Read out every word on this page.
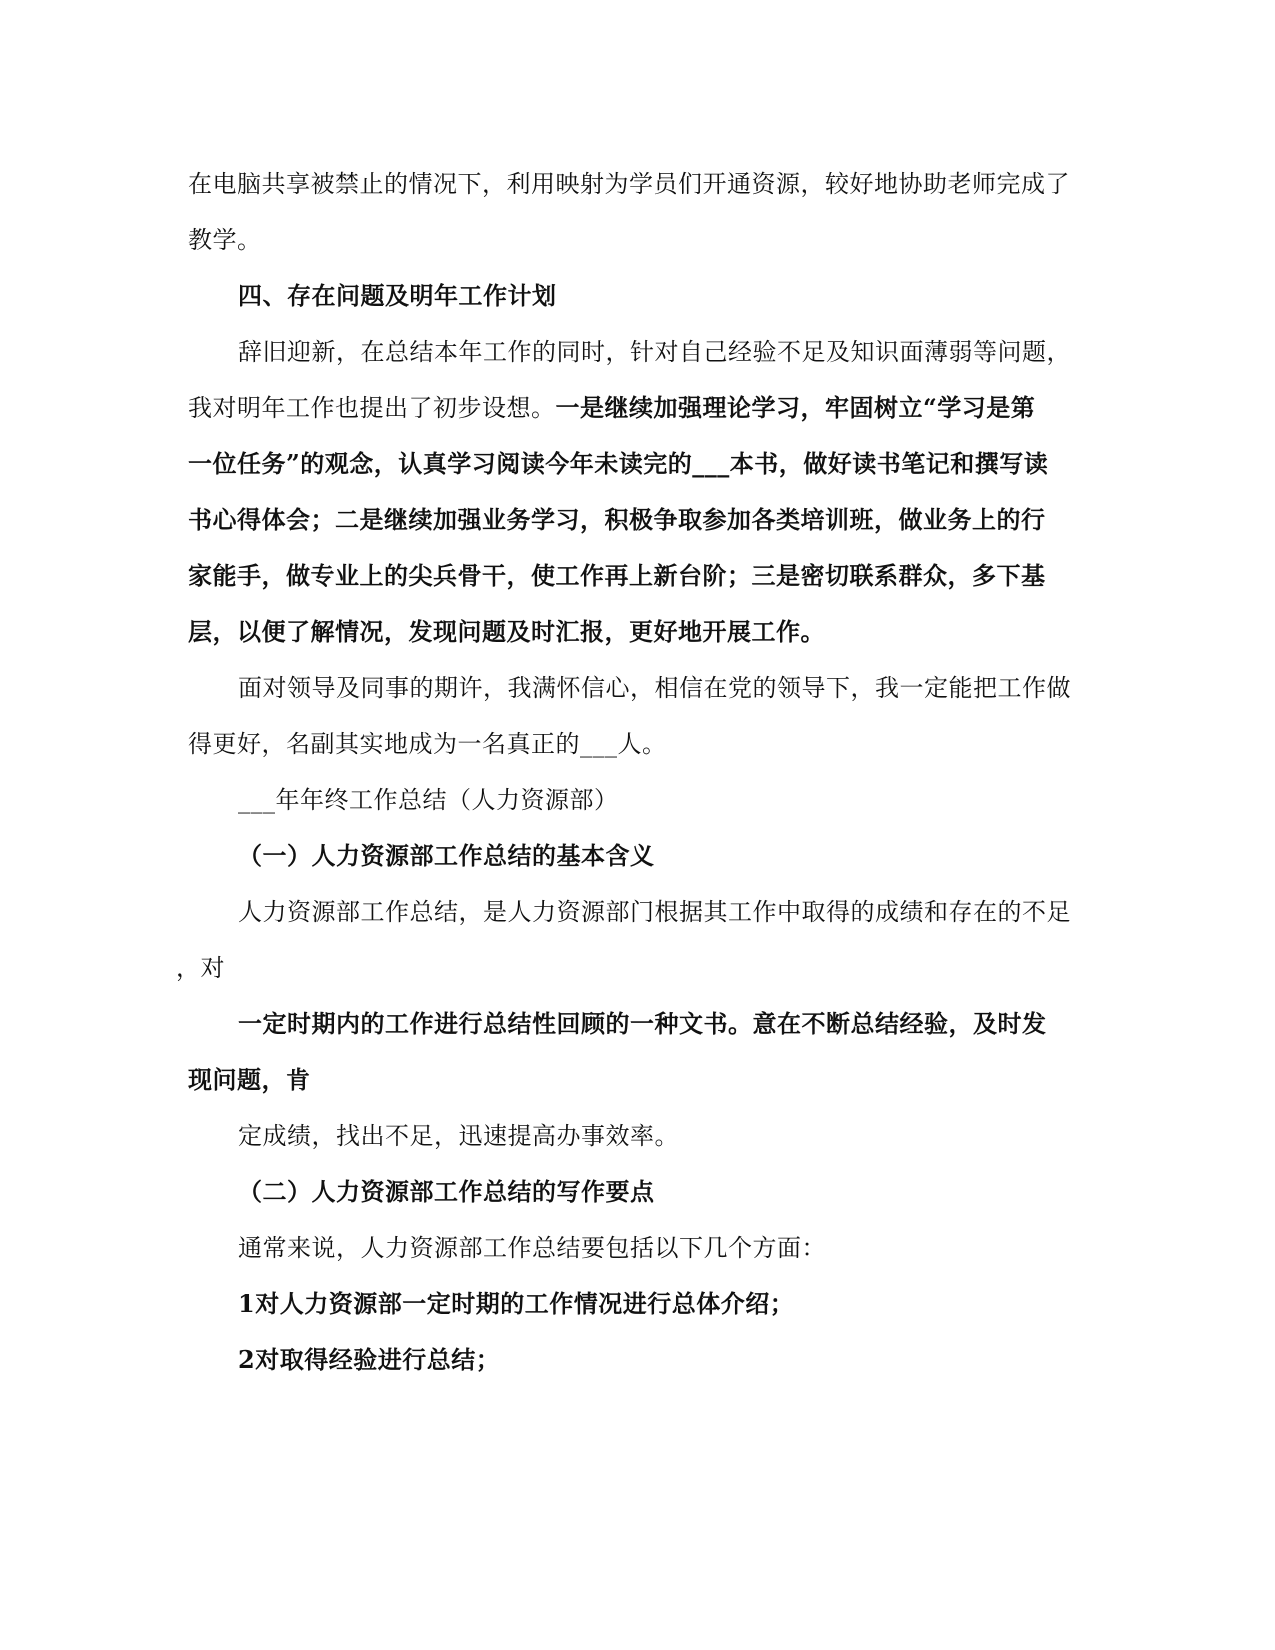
在电脑共享被禁止的情况下，利用映射为学员们开通资源，较好地协助老师完成了
教学。
四、存在问题及明年工作计划
辞旧迎新，在总结本年工作的同时，针对自己经验不足及知识面薄弱等问题，
我对明年工作也提出了初步设想。一是继续加强理论学习，牢固树立“学习是第
一位任务”的观念，认真学习阅读今年未读完的___本书，做好读书笔记和撰写读
书心得体会；二是继续加强业务学习，积极争取参加各类培训班，做业务上的行
家能手，做专业上的尖兵骨干，使工作再上新台阶；三是密切联系群众，多下基
层，以便了解情况，发现问题及时汇报，更好地开展工作。
面对领导及同事的期许，我满怀信心，相信在党的领导下，我一定能把工作做
得更好，名副其实地成为一名真正的___人。
___年年终工作总结（人力资源部）
（一）人力资源部工作总结的基本含义
人力资源部工作总结，是人力资源部门根据其工作中取得的成绩和存在的不足
，对
一定时期内的工作进行总结性回顾的一种文书。意在不断总结经验，及时发
现问题，肯
定成绩，找出不足，迅速提高办事效率。
（二）人力资源部工作总结的写作要点
通常来说，人力资源部工作总结要包括以下几个方面：
1对人力资源部一定时期的工作情况进行总体介绍；
2对取得经验进行总结；
